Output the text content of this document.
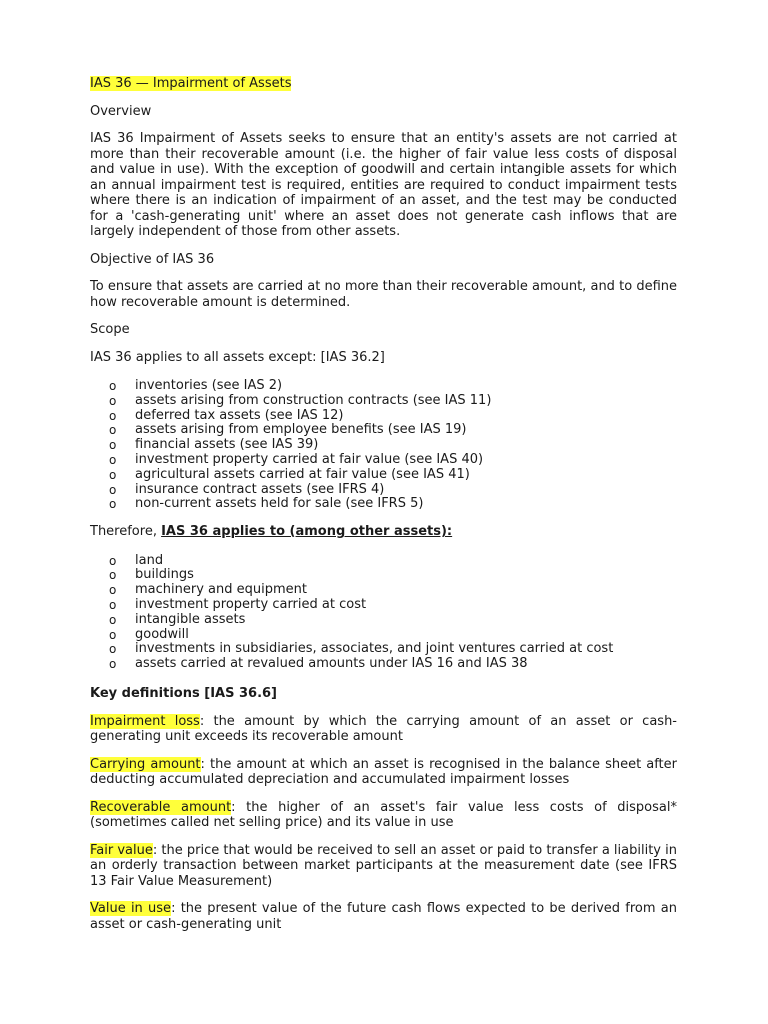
IAS 36 — Impairment of Assets

Overview

IAS 36 Impairment of Assets seeks to ensure that an entity's assets are not carried at more than their recoverable amount (i.e. the higher of fair value less costs of disposal and value in use). With the exception of goodwill and certain intangible assets for which an annual impairment test is required, entities are required to conduct impairment tests where there is an indication of impairment of an asset, and the test may be conducted for a 'cash-generating unit' where an asset does not generate cash inflows that are largely independent of those from other assets.

Objective of IAS 36

To ensure that assets are carried at no more than their recoverable amount, and to define how recoverable amount is determined.

Scope

IAS 36 applies to all assets except: [IAS 36.2]

o inventories (see IAS 2)
o assets arising from construction contracts (see IAS 11)
o deferred tax assets (see IAS 12)
o assets arising from employee benefits (see IAS 19)
o financial assets (see IAS 39)
o investment property carried at fair value (see IAS 40)
o agricultural assets carried at fair value (see IAS 41)
o insurance contract assets (see IFRS 4)
o non-current assets held for sale (see IFRS 5)

Therefore, IAS 36 applies to (among other assets):

o land
o buildings
o machinery and equipment
o investment property carried at cost
o intangible assets
o goodwill
o investments in subsidiaries, associates, and joint ventures carried at cost
o assets carried at revalued amounts under IAS 16 and IAS 38

Key definitions [IAS 36.6]

Impairment loss: the amount by which the carrying amount of an asset or cash-generating unit exceeds its recoverable amount

Carrying amount: the amount at which an asset is recognised in the balance sheet after deducting accumulated depreciation and accumulated impairment losses

Recoverable amount: the higher of an asset's fair value less costs of disposal* (sometimes called net selling price) and its value in use

Fair value: the price that would be received to sell an asset or paid to transfer a liability in an orderly transaction between market participants at the measurement date (see IFRS 13 Fair Value Measurement)

Value in use: the present value of the future cash flows expected to be derived from an asset or cash-generating unit
